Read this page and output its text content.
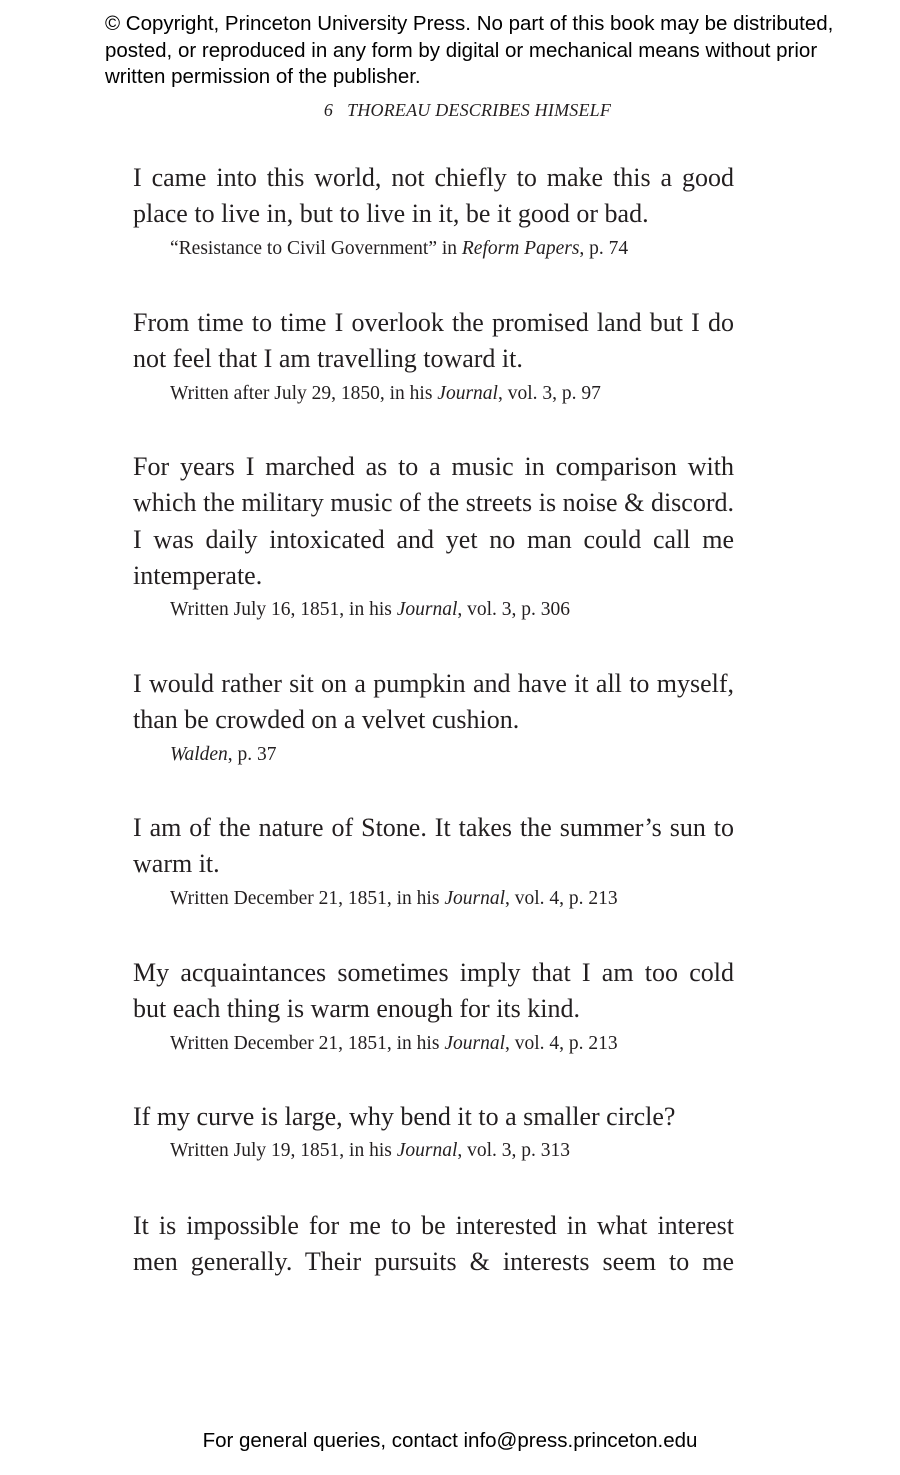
© Copyright, Princeton University Press. No part of this book may be distributed, posted, or reproduced in any form by digital or mechanical means without prior written permission of the publisher.
6 THOREAU DESCRIBES HIMSELF

I came into this world, not chiefly to make this a good place to live in, but to live in it, be it good or bad.

“Resistance to Civil Government” in Reform Papers, p. 74

From time to time I overlook the promised land but I do not feel that I am travelling toward it.

Written after July 29, 1850, in his Journal, vol. 3, p. 97

For years I marched as to a music in comparison with which the military music of the streets is noise & discord. I was daily intoxicated and yet no man could call me intemperate.

Written July 16, 1851, in his Journal, vol. 3, p. 306

I would rather sit on a pumpkin and have it all to myself, than be crowded on a velvet cushion.

Walden, p. 37

I am of the nature of Stone. It takes the summer’s sun to warm it.

Written December 21, 1851, in his Journal, vol. 4, p. 213

My acquaintances sometimes imply that I am too cold but each thing is warm enough for its kind.

Written December 21, 1851, in his Journal, vol. 4, p. 213

If my curve is large, why bend it to a smaller circle?

Written July 19, 1851, in his Journal, vol. 3, p. 313

It is impossible for me to be interested in what interest men generally. Their pursuits & interests seem to me

For general queries, contact info@press.princeton.edu
